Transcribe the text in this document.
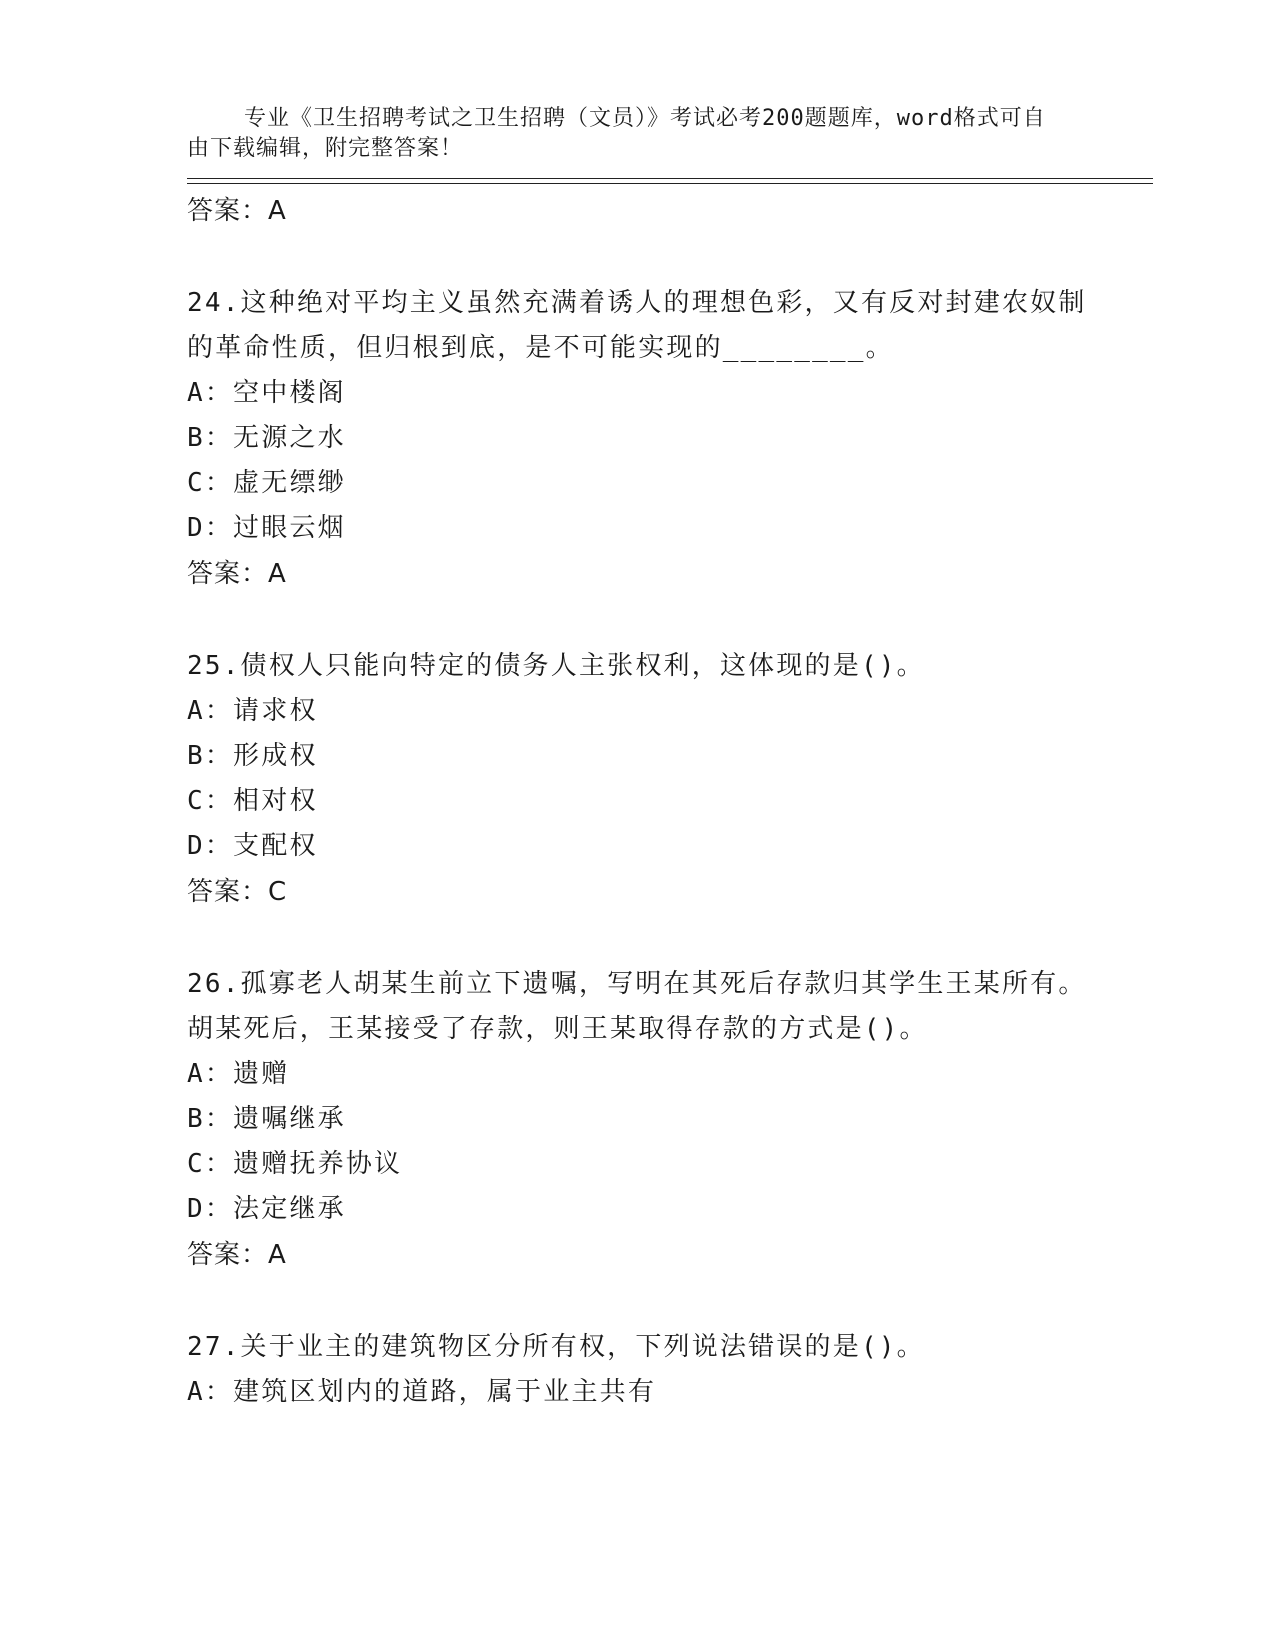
专业《卫生招聘考试之卫生招聘（文员）》考试必考200题题库，word格式可自由下载编辑，附完整答案！

答案：A
24.这种绝对平均主义虽然充满着诱人的理想色彩，又有反对封建农奴制的革命性质，但归根到底，是不可能实现的________。
A：空中楼阁
B：无源之水
C：虚无缥缈
D：过眼云烟
答案：A
25.债权人只能向特定的债务人主张权利，这体现的是()。
A：请求权
B：形成权
C：相对权
D：支配权
答案：C
26.孤寡老人胡某生前立下遗嘱，写明在其死后存款归其学生王某所有。胡某死后，王某接受了存款，则王某取得存款的方式是()。
A：遗赠
B：遗嘱继承
C：遗赠抚养协议
D：法定继承
答案：A
27.关于业主的建筑物区分所有权，下列说法错误的是()。
A：建筑区划内的道路，属于业主共有
